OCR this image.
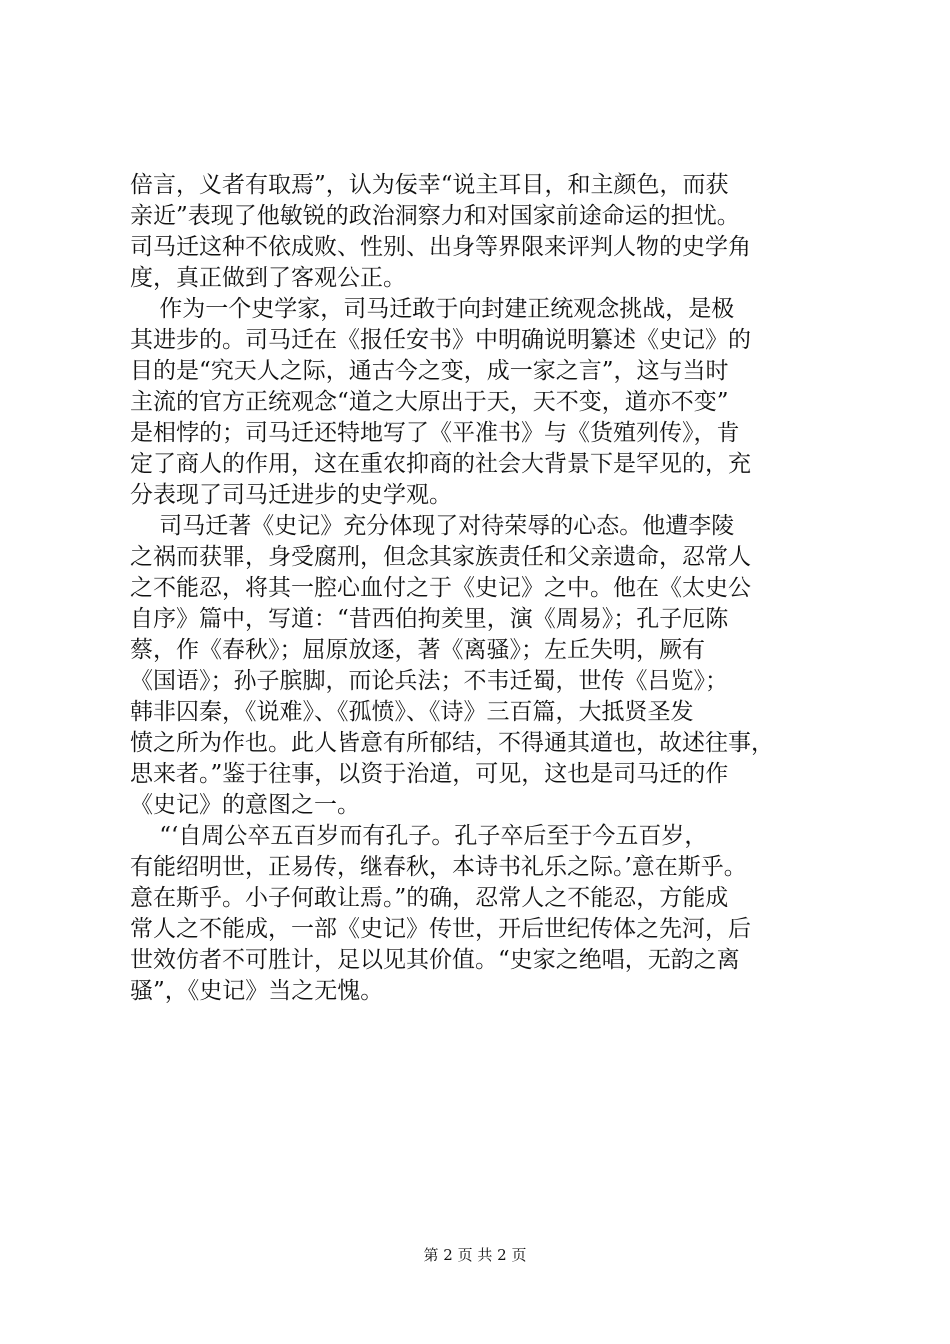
倍言，义者有取焉”，认为佞幸“说主耳目，和主颜色，而获
亲近”表现了他敏锐的政治洞察力和对国家前途命运的担忧。
司马迁这种不依成败、性别、出身等界限来评判人物的史学角
度，真正做到了客观公正。
作为一个史学家，司马迁敢于向封建正统观念挑战，是极
其进步的。司马迁在《报任安书》中明确说明纂述《史记》的
目的是“究天人之际，通古今之变，成一家之言”，这与当时
主流的官方正统观念“道之大原出于天，天不变，道亦不变”
是相悖的；司马迁还特地写了《平准书》与《货殖列传》，肯
定了商人的作用，这在重农抑商的社会大背景下是罕见的，充
分表现了司马迁进步的史学观。
司马迁著《史记》充分体现了对待荣辱的心态。他遭李陵
之祸而获罪，身受腐刑，但念其家族责任和父亲遗命，忍常人
之不能忍，将其一腔心血付之于《史记》之中。他在《太史公
自序》篇中，写道：“昔西伯拘羑里，演《周易》；孔子厄陈
蔡，作《春秋》；屈原放逐，著《离骚》；左丘失明，厥有
《国语》；孙子膑脚，而论兵法；不韦迁蜀，世传《吕览》；
韩非囚秦，《说难》、《孤愤》、《诗》三百篇，大抵贤圣发
愤之所为作也。此人皆意有所郁结，不得通其道也，故述往事，
思来者。”鉴于往事，以资于治道，可见，这也是司马迁的作
《史记》的意图之一。
“‘自周公卒五百岁而有孔子。孔子卒后至于今五百岁，
有能绍明世，正易传，继春秋，本诗书礼乐之际。’意在斯乎。
意在斯乎。小子何敢让焉。”的确，忍常人之不能忍，方能成
常人之不能成，一部《史记》传世，开后世纪传体之先河，后
世效仿者不可胜计，足以见其价值。“史家之绝唱，无韵之离
骚”，《史记》当之无愧。
第 2 页 共 2 页
